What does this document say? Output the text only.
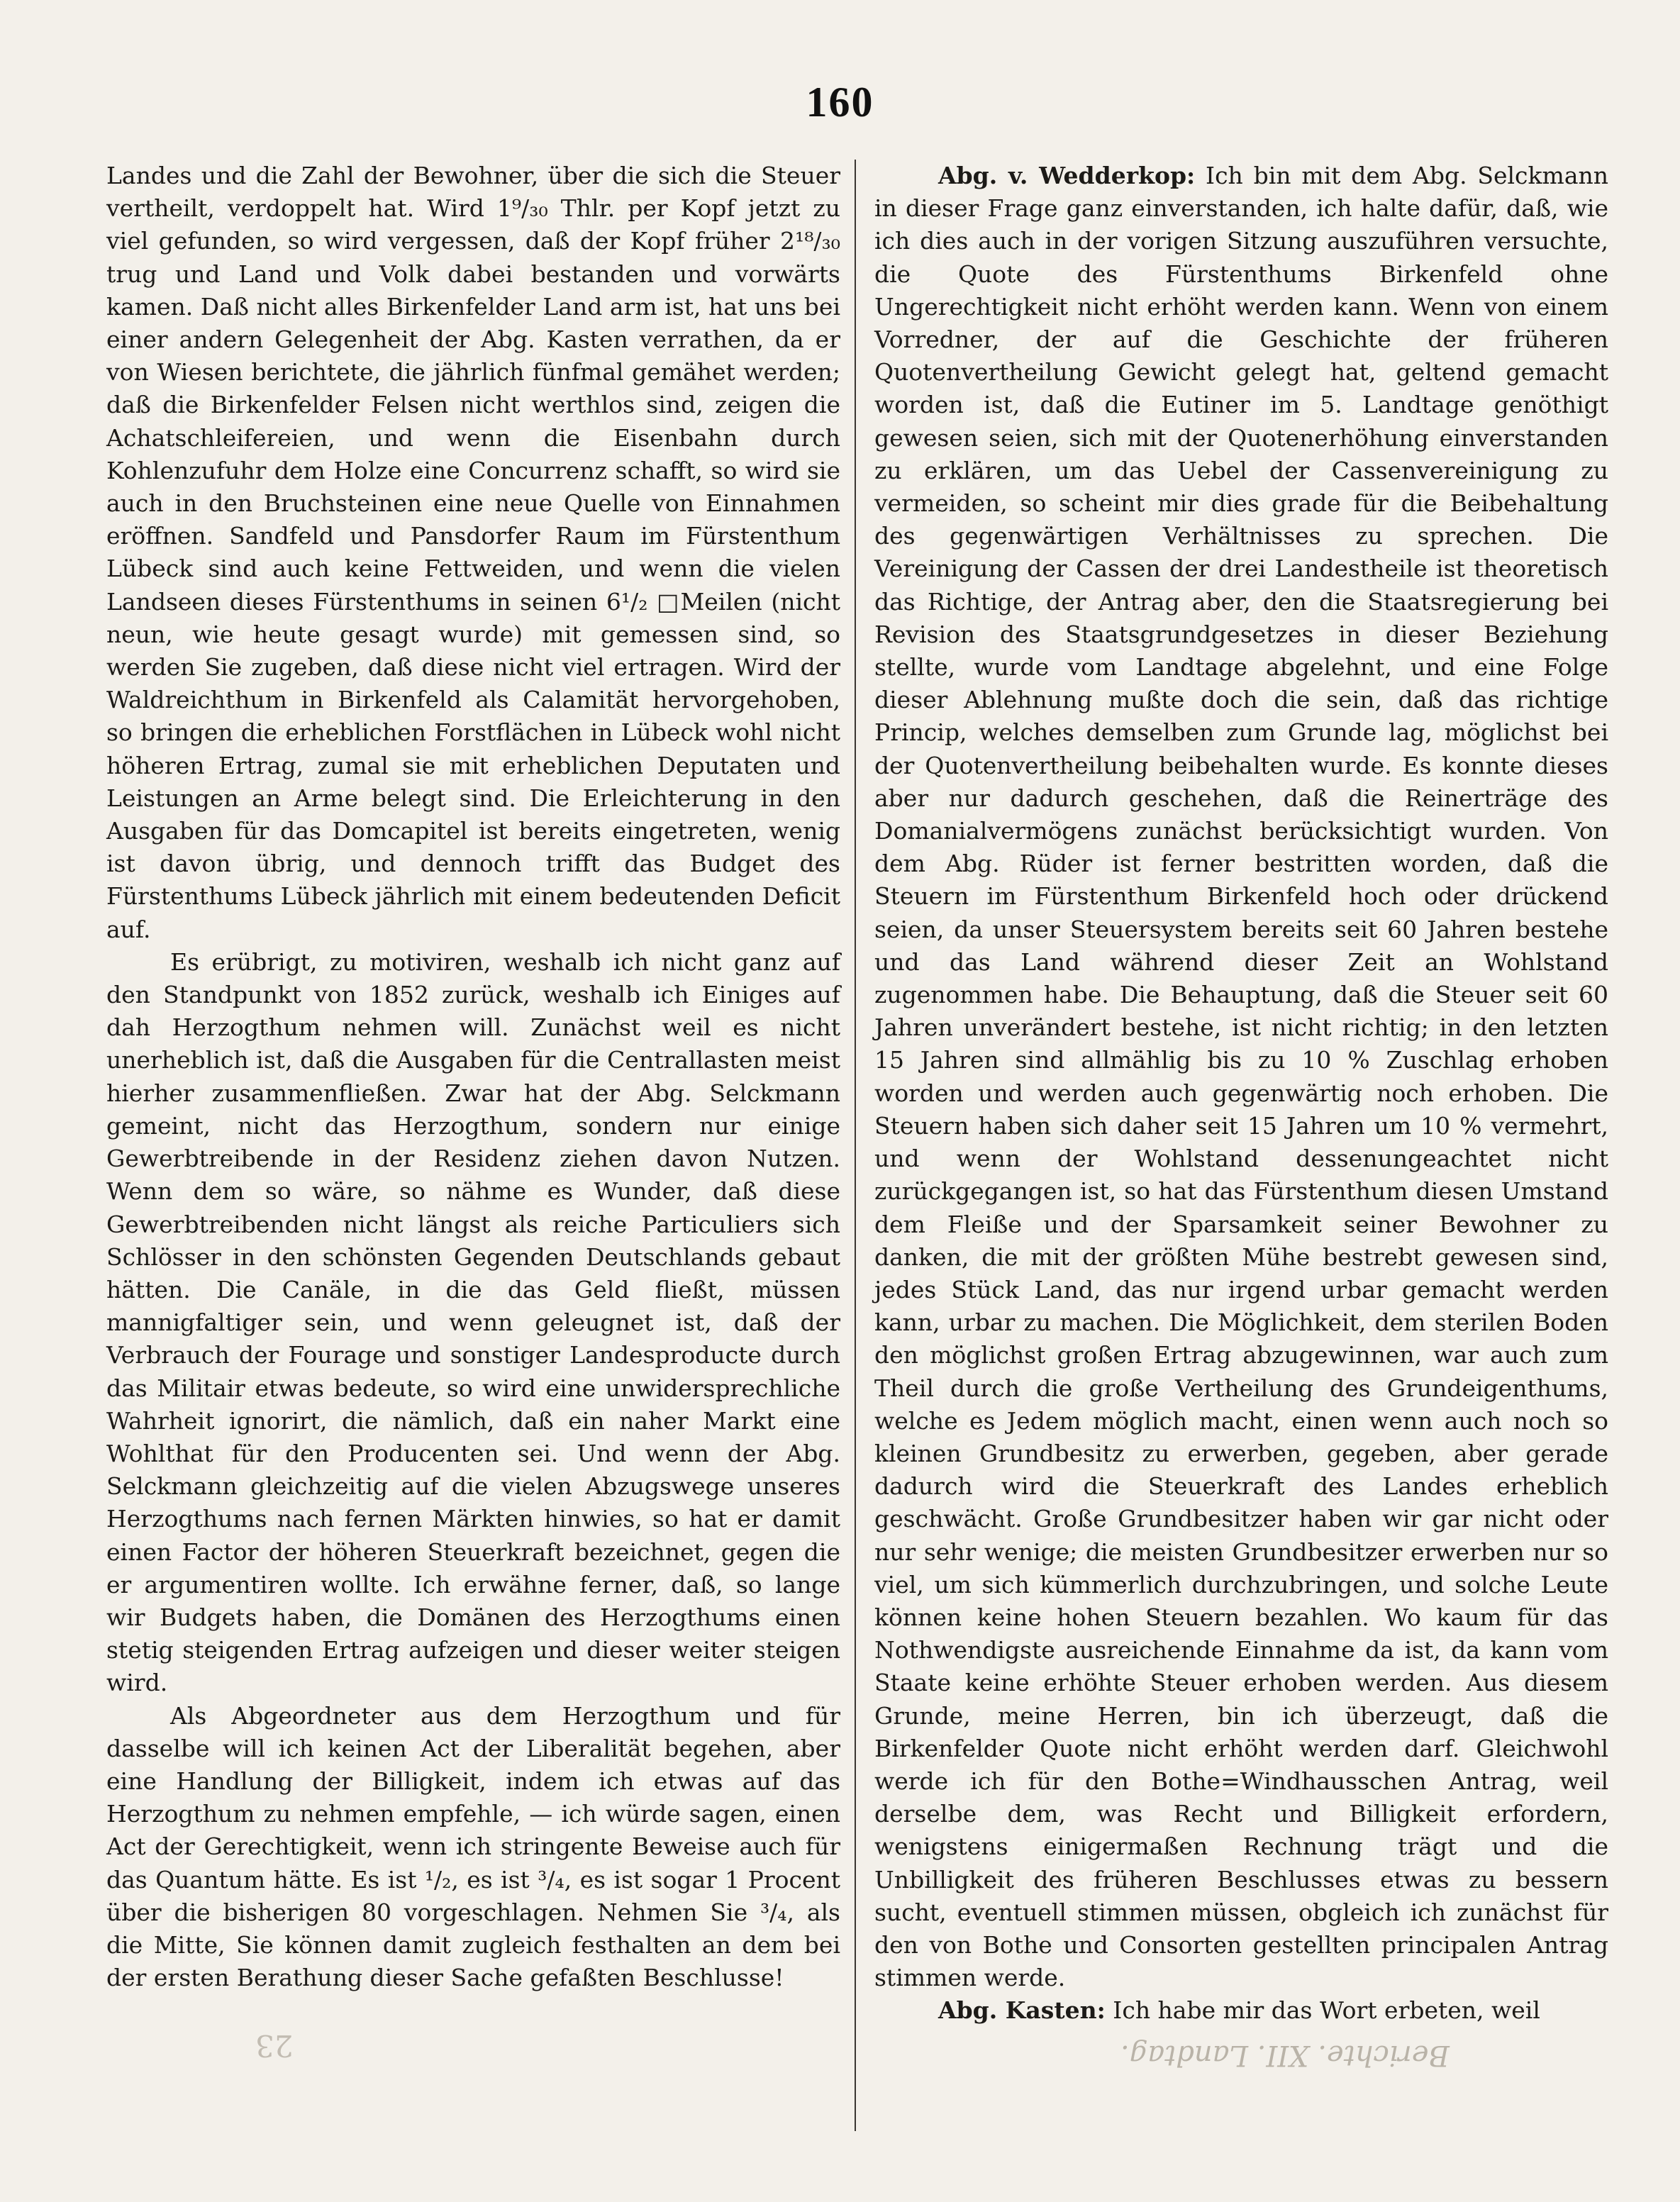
160

Landes und die Zahl der Bewohner, über die sich die Steuer vertheilt, verdoppelt hat. Wird 1⁹/₃₀ Thlr. per Kopf jetzt zu viel gefunden, so wird vergessen, daß der Kopf früher 2¹⁸/₃₀ trug und Land und Volk dabei bestanden und vorwärts kamen. Daß nicht alles Birkenfelder Land arm ist, hat uns bei einer andern Gelegenheit der Abg. Kasten verrathen, da er von Wiesen berichtete, die jährlich fünfmal gemähet werden; daß die Birkenfelder Felsen nicht werthlos sind, zeigen die Achatschleifereien, und wenn die Eisenbahn durch Kohlenzufuhr dem Holze eine Concurrenz schafft, so wird sie auch in den Bruchsteinen eine neue Quelle von Einnahmen eröffnen. Sandfeld und Pansdorfer Raum im Fürstenthum Lübeck sind auch keine Fettweiden, und wenn die vielen Landseen dieses Fürstenthums in seinen 6¹/₂ □Meilen (nicht neun, wie heute gesagt wurde) mit gemessen sind, so werden Sie zugeben, daß diese nicht viel ertragen. Wird der Waldreichthum in Birkenfeld als Calamität hervorgehoben, so bringen die erheblichen Forstflächen in Lübeck wohl nicht höheren Ertrag, zumal sie mit erheblichen Deputaten und Leistungen an Arme belegt sind. Die Erleichterung in den Ausgaben für das Domcapitel ist bereits eingetreten, wenig ist davon übrig, und dennoch trifft das Budget des Fürstenthums Lübeck jährlich mit einem bedeutenden Deficit auf.

Es erübrigt, zu motiviren, weshalb ich nicht ganz auf den Standpunkt von 1852 zurück, weshalb ich Einiges auf dah Herzogthum nehmen will. Zunächst weil es nicht unerheblich ist, daß die Ausgaben für die Centrallasten meist hierher zusammenfließen. Zwar hat der Abg. Selckmann gemeint, nicht das Herzogthum, sondern nur einige Gewerbtreibende in der Residenz ziehen davon Nutzen. Wenn dem so wäre, so nähme es Wunder, daß diese Gewerbtreibenden nicht längst als reiche Particuliers sich Schlösser in den schönsten Gegenden Deutschlands gebaut hätten. Die Canäle, in die das Geld fließt, müssen mannigfaltiger sein, und wenn geleugnet ist, daß der Verbrauch der Fourage und sonstiger Landesproducte durch das Militair etwas bedeute, so wird eine unwidersprechliche Wahrheit ignorirt, die nämlich, daß ein naher Markt eine Wohlthat für den Producenten sei. Und wenn der Abg. Selckmann gleichzeitig auf die vielen Abzugswege unseres Herzogthums nach fernen Märkten hinwies, so hat er damit einen Factor der höheren Steuerkraft bezeichnet, gegen die er argumentiren wollte. Ich erwähne ferner, daß, so lange wir Budgets haben, die Domänen des Herzogthums einen stetig steigenden Ertrag aufzeigen und dieser weiter steigen wird.

Als Abgeordneter aus dem Herzogthum und für dasselbe will ich keinen Act der Liberalität begehen, aber eine Handlung der Billigkeit, indem ich etwas auf das Herzogthum zu nehmen empfehle, — ich würde sagen, einen Act der Gerechtigkeit, wenn ich stringente Beweise auch für das Quantum hätte. Es ist ¹/₂, es ist ³/₄, es ist sogar 1 Procent über die bisherigen 80 vorgeschlagen. Nehmen Sie ³/₄, als die Mitte, Sie können damit zugleich festhalten an dem bei der ersten Berathung dieser Sache gefaßten Beschlusse!

Abg. v. Wedderkop: Ich bin mit dem Abg. Selckmann in dieser Frage ganz einverstanden, ich halte dafür, daß, wie ich dies auch in der vorigen Sitzung auszuführen versuchte, die Quote des Fürstenthums Birkenfeld ohne Ungerechtigkeit nicht erhöht werden kann. Wenn von einem Vorredner, der auf die Geschichte der früheren Quotenvertheilung Gewicht gelegt hat, geltend gemacht worden ist, daß die Eutiner im 5. Landtage genöthigt gewesen seien, sich mit der Quotenerhöhung einverstanden zu erklären, um das Uebel der Cassenvereinigung zu vermeiden, so scheint mir dies grade für die Beibehaltung des gegenwärtigen Verhältnisses zu sprechen. Die Vereinigung der Cassen der drei Landestheile ist theoretisch das Richtige, der Antrag aber, den die Staatsregierung bei Revision des Staatsgrundgesetzes in dieser Beziehung stellte, wurde vom Landtage abgelehnt, und eine Folge dieser Ablehnung mußte doch die sein, daß das richtige Princip, welches demselben zum Grunde lag, möglichst bei der Quotenvertheilung beibehalten wurde. Es konnte dieses aber nur dadurch geschehen, daß die Reinerträge des Domanialvermögens zunächst berücksichtigt wurden. Von dem Abg. Rüder ist ferner bestritten worden, daß die Steuern im Fürstenthum Birkenfeld hoch oder drückend seien, da unser Steuersystem bereits seit 60 Jahren bestehe und das Land während dieser Zeit an Wohlstand zugenommen habe. Die Behauptung, daß die Steuer seit 60 Jahren unverändert bestehe, ist nicht richtig; in den letzten 15 Jahren sind allmählig bis zu 10 % Zuschlag erhoben worden und werden auch gegenwärtig noch erhoben. Die Steuern haben sich daher seit 15 Jahren um 10 % vermehrt, und wenn der Wohlstand dessenungeachtet nicht zurückgegangen ist, so hat das Fürstenthum diesen Umstand dem Fleiße und der Sparsamkeit seiner Bewohner zu danken, die mit der größten Mühe bestrebt gewesen sind, jedes Stück Land, das nur irgend urbar gemacht werden kann, urbar zu machen. Die Möglichkeit, dem sterilen Boden den möglichst großen Ertrag abzugewinnen, war auch zum Theil durch die große Vertheilung des Grundeigenthums, welche es Jedem möglich macht, einen wenn auch noch so kleinen Grundbesitz zu erwerben, gegeben, aber gerade dadurch wird die Steuerkraft des Landes erheblich geschwächt. Große Grundbesitzer haben wir gar nicht oder nur sehr wenige; die meisten Grundbesitzer erwerben nur so viel, um sich kümmerlich durchzubringen, und solche Leute können keine hohen Steuern bezahlen. Wo kaum für das Nothwendigste ausreichende Einnahme da ist, da kann vom Staate keine erhöhte Steuer erhoben werden. Aus diesem Grunde, meine Herren, bin ich überzeugt, daß die Birkenfelder Quote nicht erhöht werden darf. Gleichwohl werde ich für den Bothe=Windhausschen Antrag, weil derselbe dem, was Recht und Billigkeit erfordern, wenigstens einigermaßen Rechnung trägt und die Unbilligkeit des früheren Beschlusses etwas zu bessern sucht, eventuell stimmen müssen, obgleich ich zunächst für den von Bothe und Consorten gestellten principalen Antrag stimmen werde.

Abg. Kasten: Ich habe mir das Wort erbeten, weil

Berichte. XII. Landtag.
23
